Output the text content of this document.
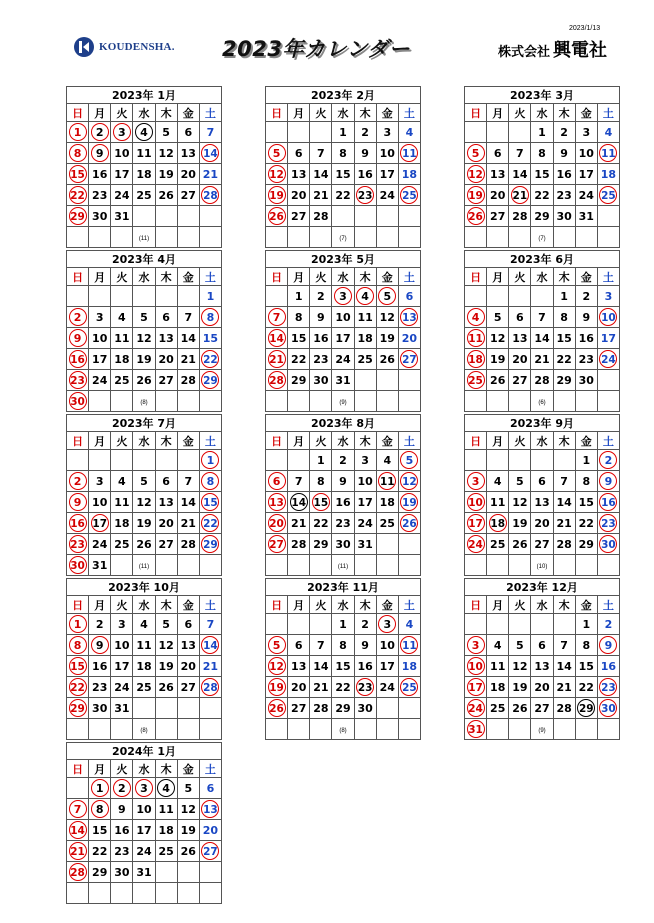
2023/1/13
KOUDENSHA. 2023年カレンダー	株式会社 興電社
2023年 1月						
日	月	火	水	木	金	土
1	2	3	4	5	6	7
8	9	10	11	12	13	14
15	16	17	18	19	20	21
22	23	24	25	26	27	28
29	30	31				

(11)
2023年 2月						
日	月	火	水	木	金	土
			1	2	3	4
5	6	7	8	9	10	11
12	13	14	15	16	17	18
19	20	21	22	23	24	25
26	27	28				

(7)
2023年 3月						
日	月	火	水	木	金	土
			1	2	3	4
5	6	7	8	9	10	11
12	13	14	15	16	17	18
19	20	21	22	23	24	25
26	27	28	29	30	31	

(7)
2023年 4月						
日	月	火	水	木	金	土
						1
2	3	4	5	6	7	8
9	10	11	12	13	14	15
16	17	18	19	20	21	22
23	24	25	26	27	28	29
30							(8)
2023年 5月						
日	月	火	水	木	金	土
	1	2	3	4	5	6
7	8	9	10	11	12	13
14	15	16	17	18	19	20
21	22	23	24	25	26	27
28	29	30	31			

(9)
2023年 6月						
日	月	火	水	木	金	土
				1	2	3
4	5	6	7	8	9	10
11	12	13	14	15	16	17
18	19	20	21	22	23	24
25	26	27	28	29	30	

(6)
2023年 7月						
日	月	火	水	木	金	土
						1
2	3	4	5	6	7	8
9	10	11	12	13	14	15
16	17	18	19	20	21	22
23	24	25	26	27	28	29
30	31						(11)
2023年 8月						
日	月	火	水	木	金	土
		1	2	3	4	5
6	7	8	9	10	11	12
13	14	15	16	17	18	19
20	21	22	23	24	25	26
27	28	29	30	31		

(11)
2023年 9月						
日	月	火	水	木	金	土
					1	2
3	4	5	6	7	8	9
10	11	12	13	14	15	16
17	18	19	20	21	22	23
24	25	26	27	28	29	30

(10)
2023年 10月						
日	月	火	水	木	金	土
1	2	3	4	5	6	7
8	9	10	11	12	13	14
15	16	17	18	19	20	21
22	23	24	25	26	27	28
29	30	31				

(8)
2023年 11月						
日	月	火	水	木	金	土
			1	2	3	4
5	6	7	8	9	10	11
12	13	14	15	16	17	18
19	20	21	22	23	24	25
26	27	28	29	30		

(8)
2023年 12月						
日	月	火	水	木	金	土
					1	2
3	4	5	6	7	8	9
10	11	12	13	14	15	16
17	18	19	20	21	22	23
24	25	26	27	28	29	30
31							(9)
2024年 1月						
日	月	火	水	木	金	土
	1	2	3	4	5	6
7	8	9	10	11	12	13
14	15	16	17	18	19	20
21	22	23	24	25	26	27
28	29	30	31			
